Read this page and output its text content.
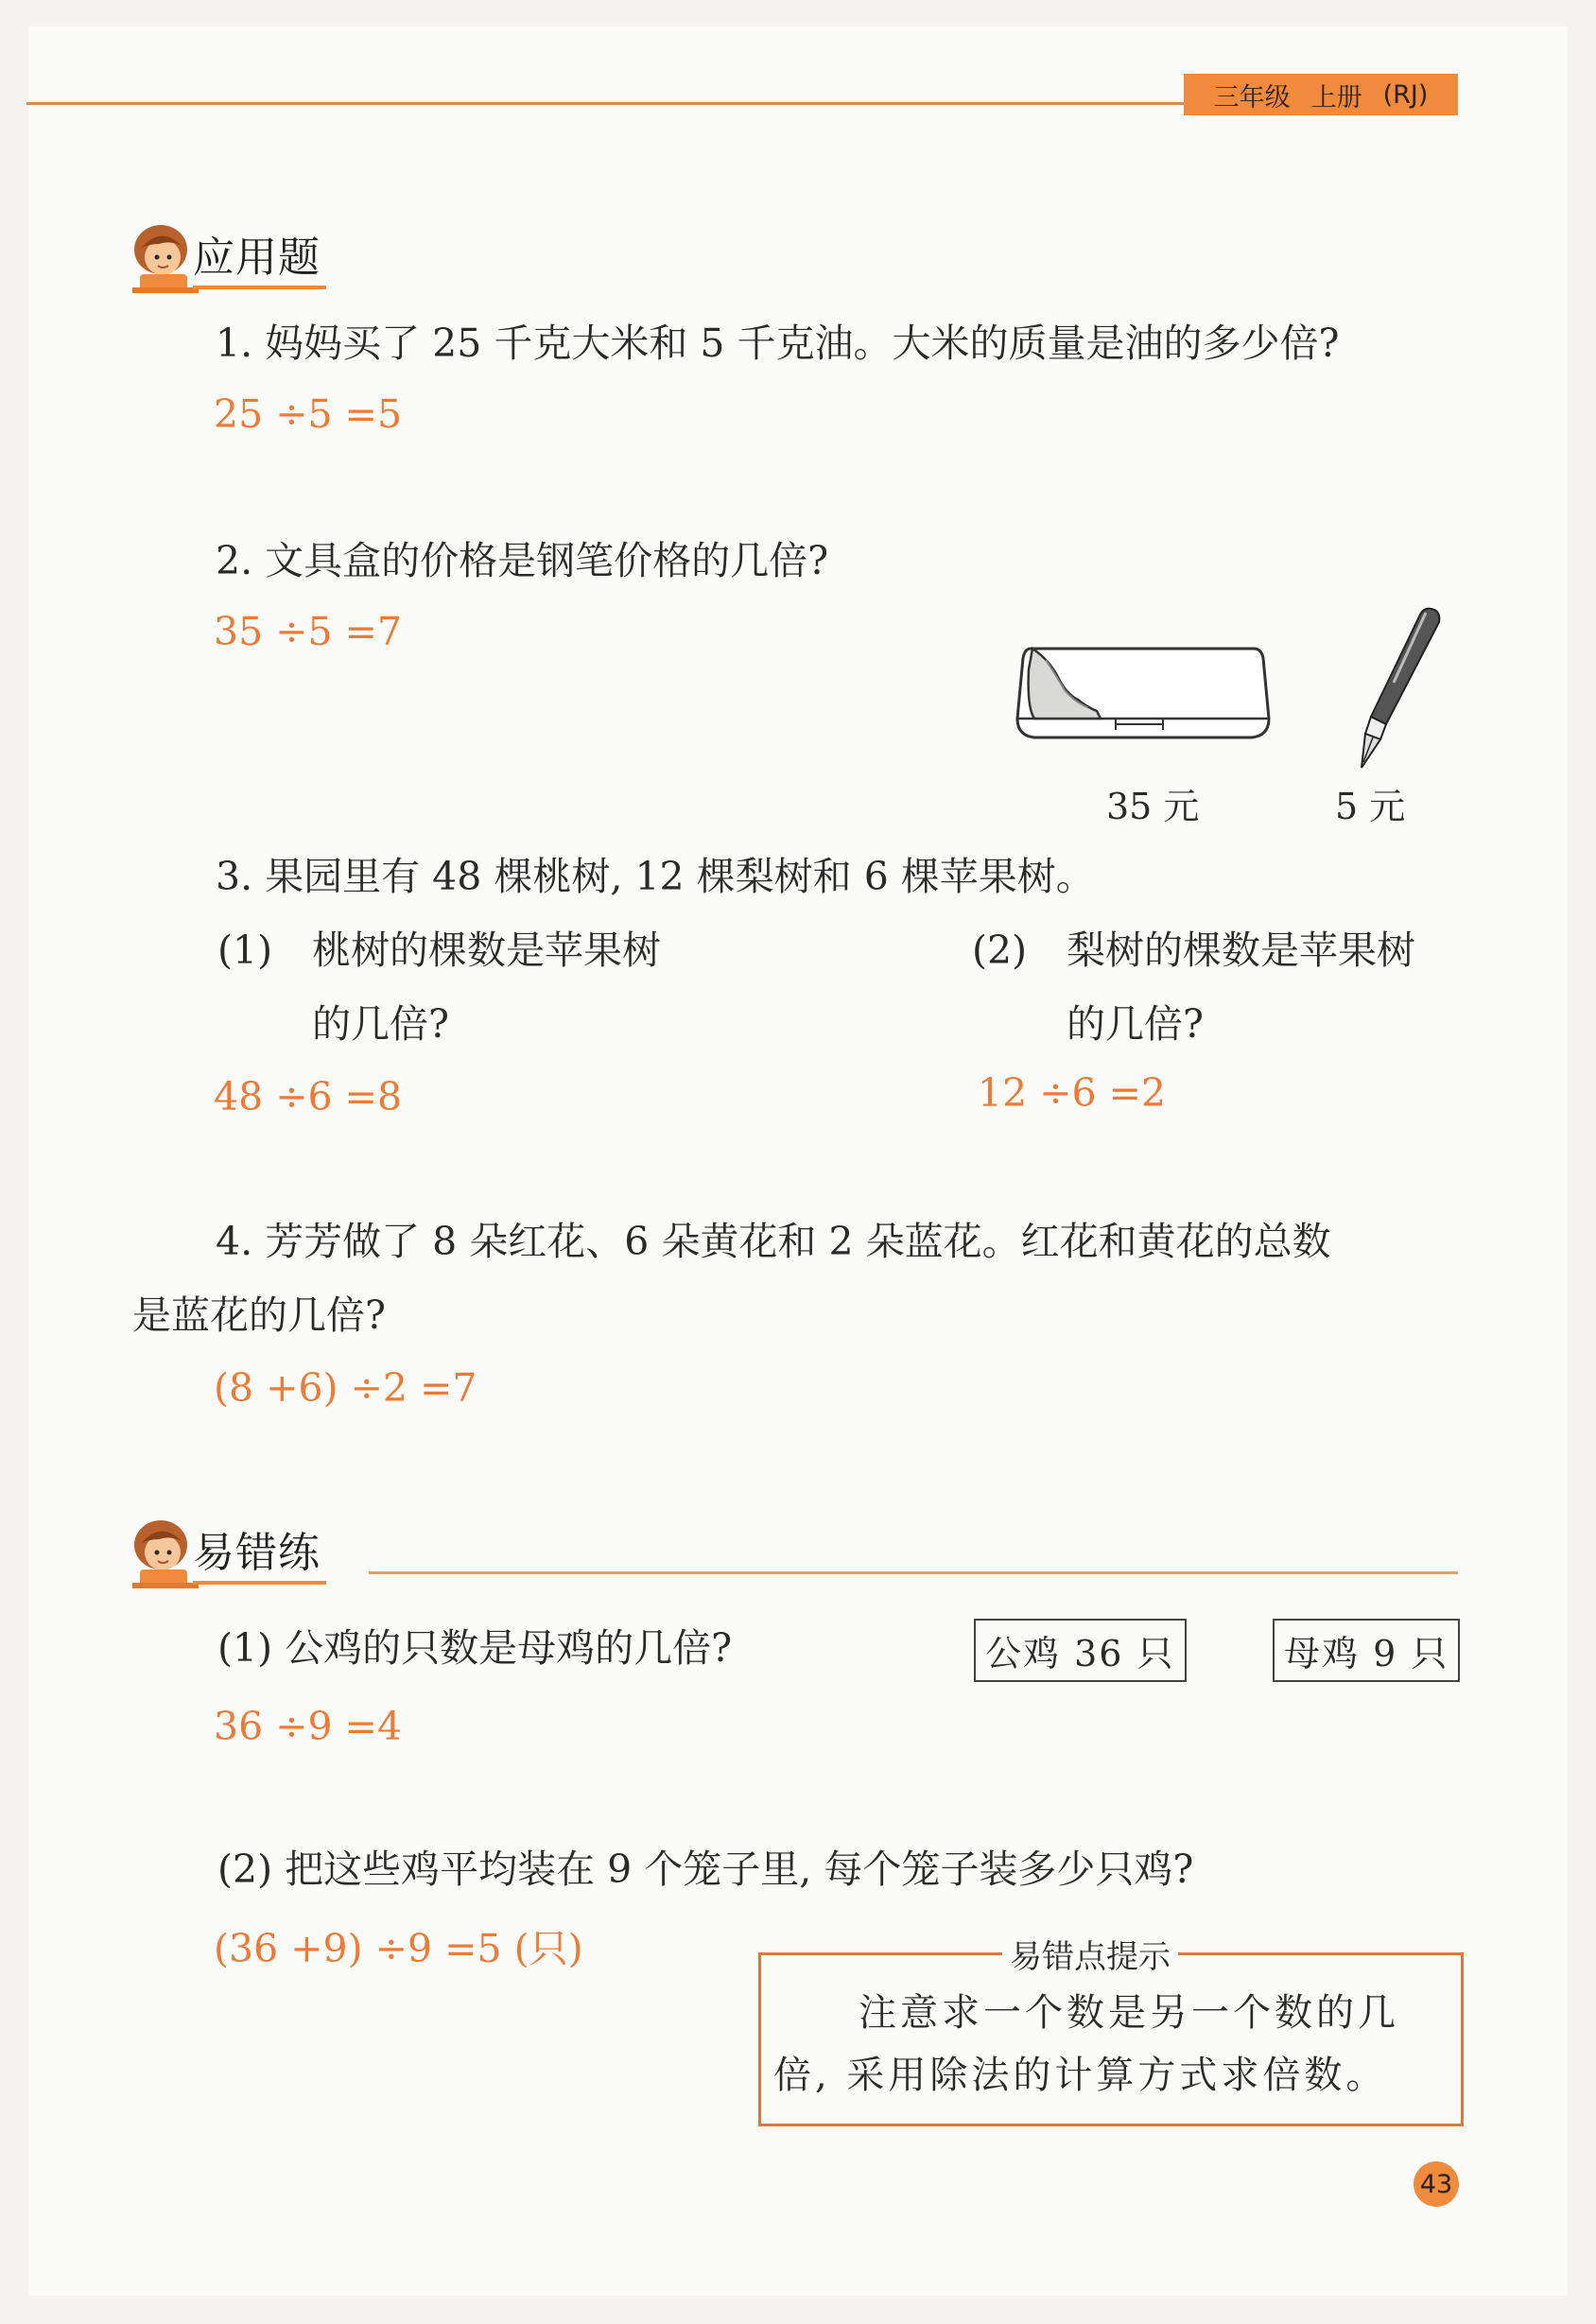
三年级 上册 (RJ)
应用题
1. 妈妈买了 25 千克大米和 5 千克油。大米的质量是油的多少倍?
25 ÷5 =5
2. 文具盒的价格是钢笔价格的几倍?
35 ÷5 =7
35 元	5 元
3. 果园里有 48 棵桃树, 12 棵梨树和 6 棵苹果树。
(1) 桃树的棵数是苹果树
的几倍?
48 ÷6 =8
(2) 梨树的棵数是苹果树
的几倍?
12 ÷6 =2
4. 芳芳做了 8 朵红花、6 朵黄花和 2 朵蓝花。红花和黄花的总数
是蓝花的几倍?
(8 +6) ÷2 =7
易错练
(1) 公鸡的只数是母鸡的几倍?	公鸡 36 只	母鸡 9 只
36 ÷9 =4
(2) 把这些鸡平均装在 9 个笼子里, 每个笼子装多少只鸡?
(36 +9) ÷9 =5 (只)	易错点提示
注意求一个数是另一个数的几
倍, 采用除法的计算方式求倍数。
43
